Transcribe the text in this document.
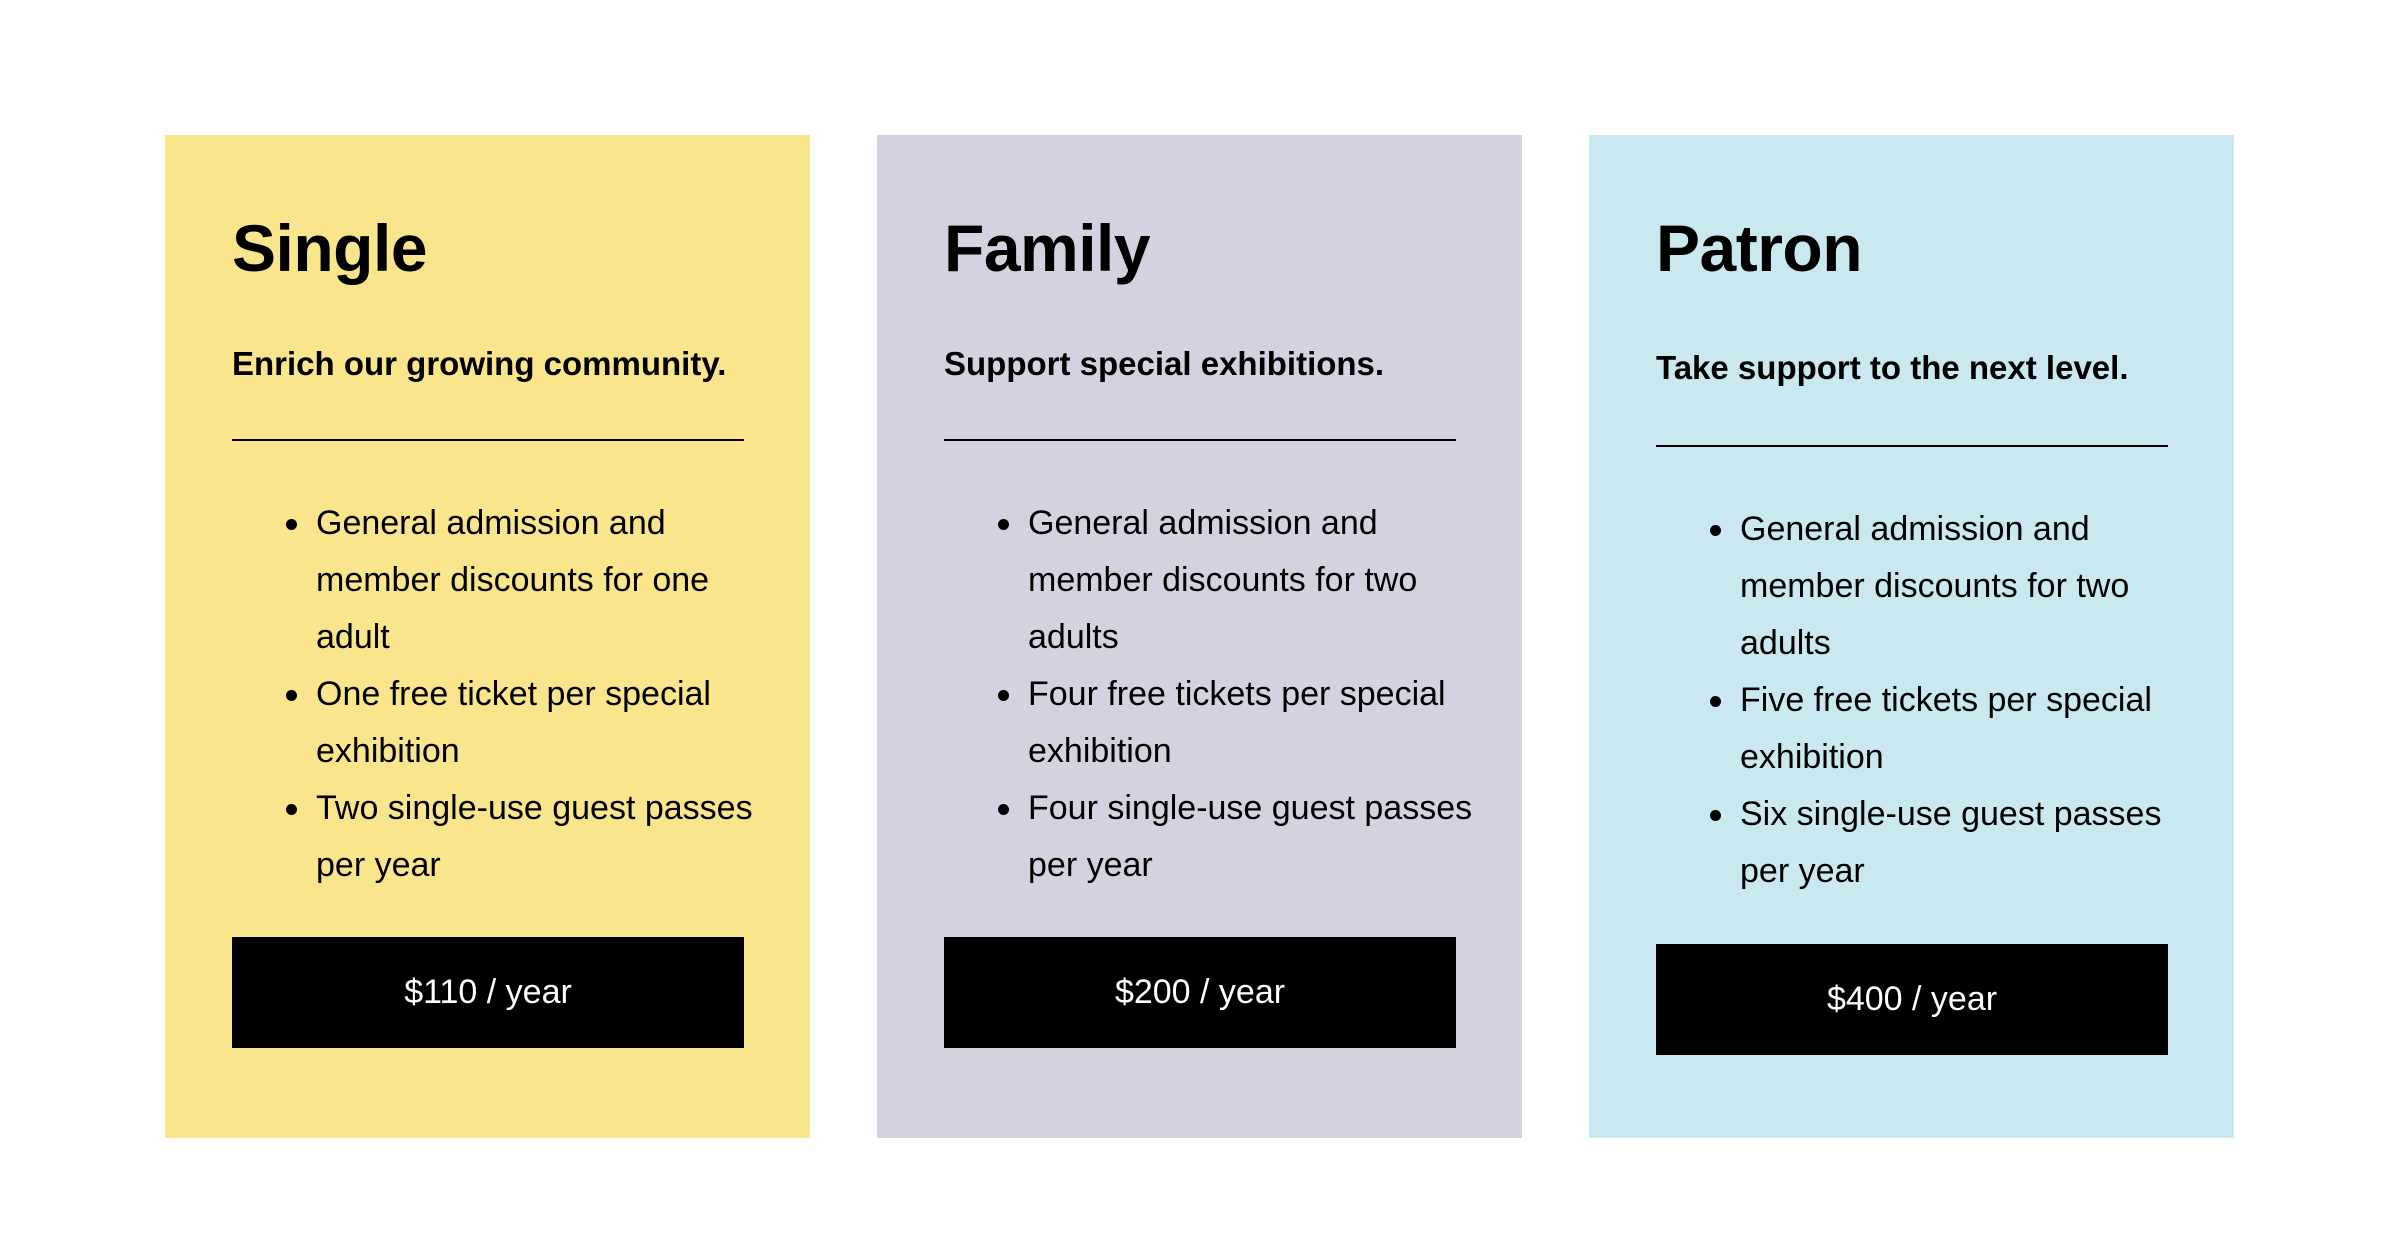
Single

Enrich our growing community.

General admission and member discounts for one adult
One free ticket per special exhibition
Two single-use guest passes per year
$110 / year
Family

Support special exhibitions.

General admission and member discounts for two adults
Four free tickets per special exhibition
Four single-use guest passes per year
$200 / year
Patron

Take support to the next level.

General admission and member discounts for two adults
Five free tickets per special exhibition
Six single-use guest passes per year
$400 / year
